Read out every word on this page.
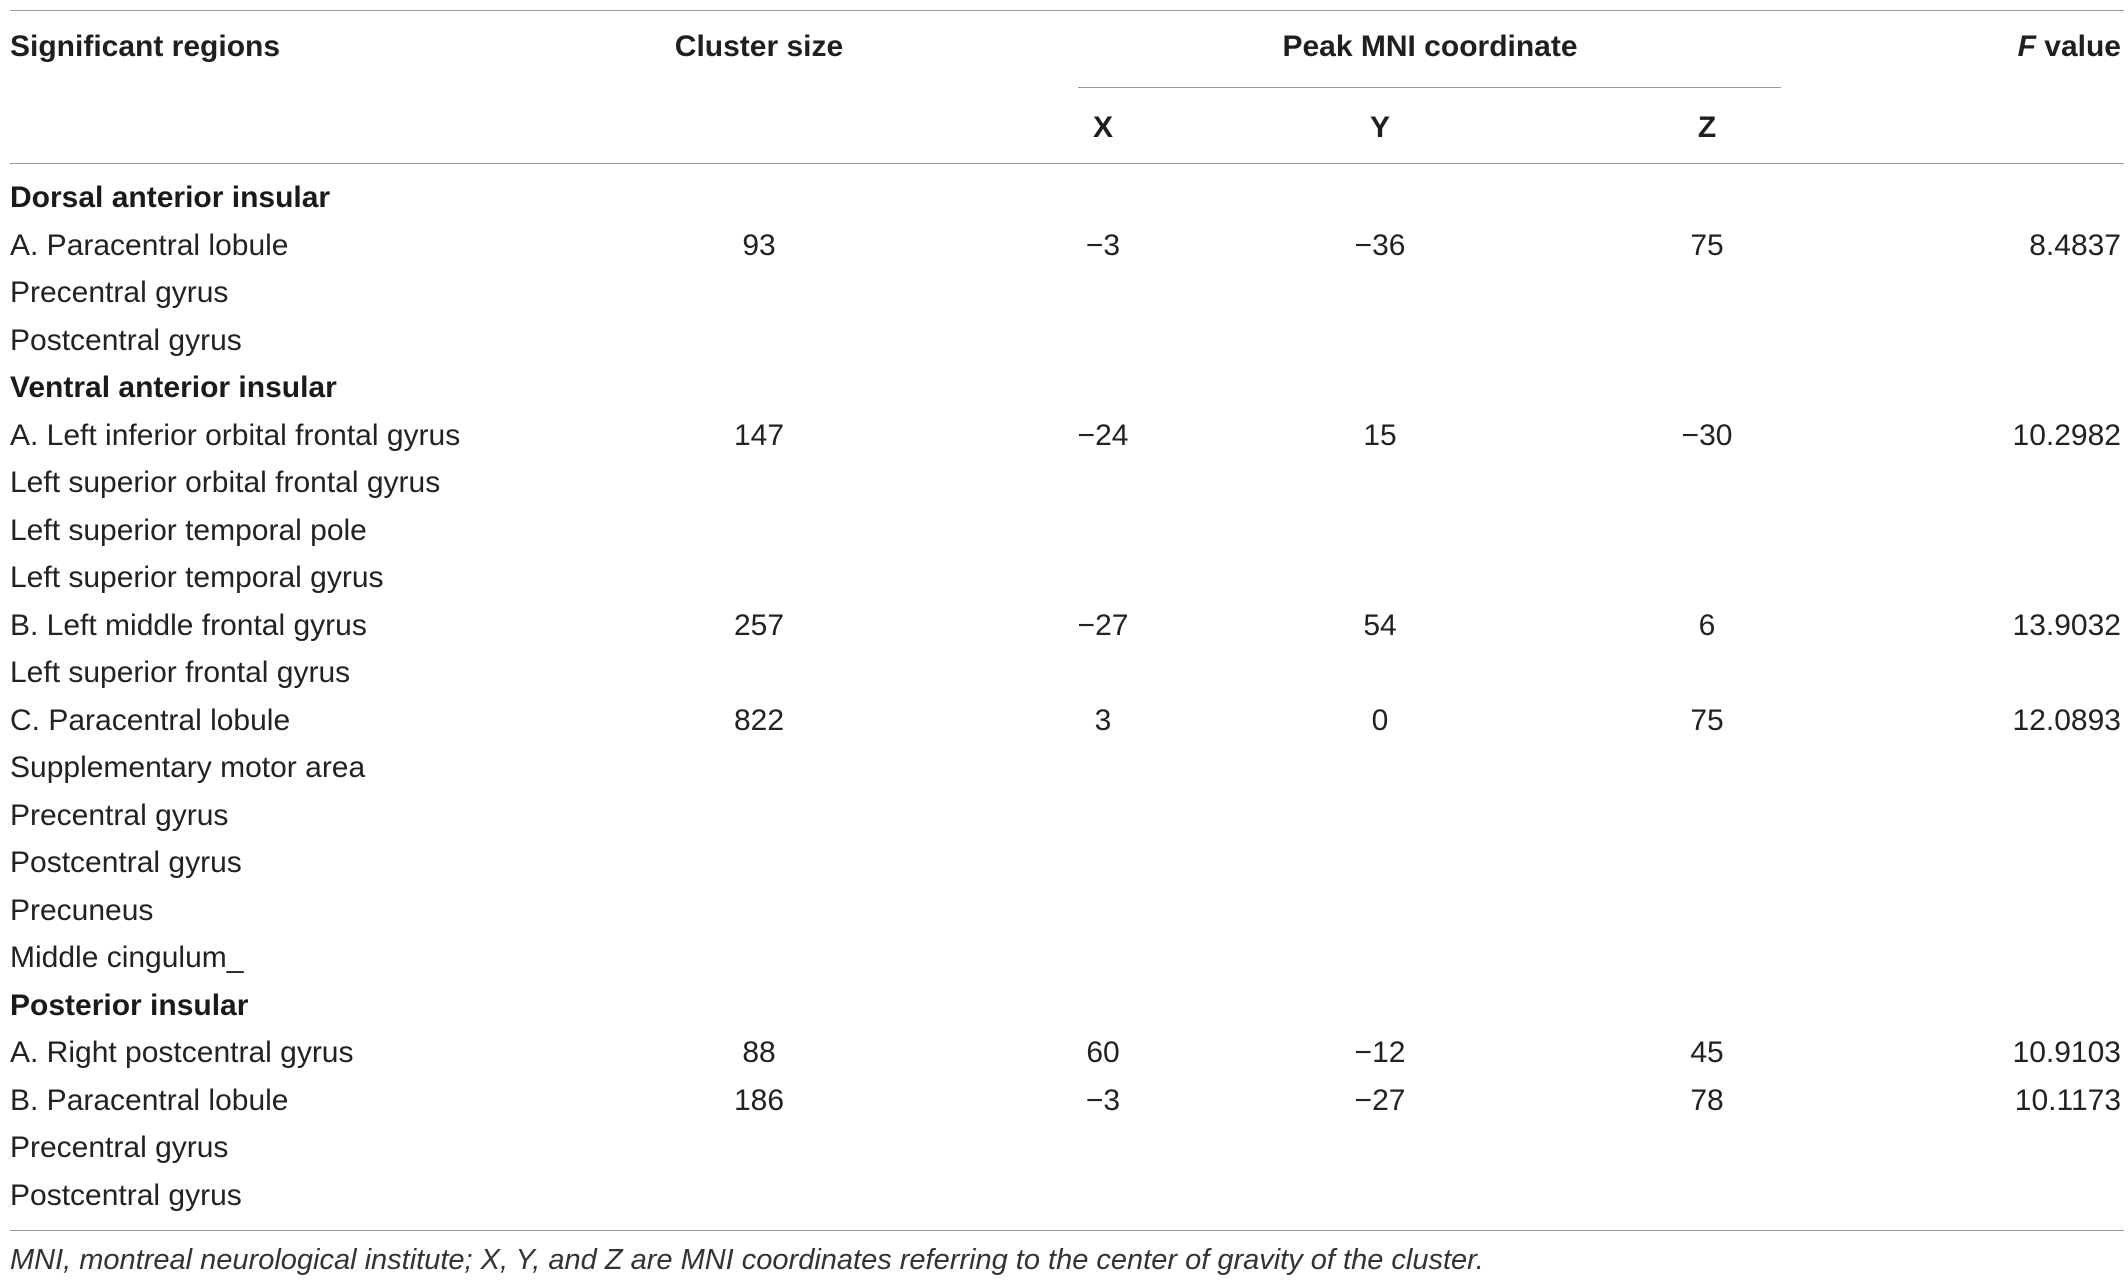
Significant regions	Cluster size	Peak MNI coordinate	F value
X	Y	Z
Dorsal anterior insular
A. Paracentral lobule	93	−3	−36	75	8.4837
Precentral gyrus
Postcentral gyrus
Ventral anterior insular
A. Left inferior orbital frontal gyrus	147	−24	15	−30	10.2982
Left superior orbital frontal gyrus
Left superior temporal pole
Left superior temporal gyrus
B. Left middle frontal gyrus	257	−27	54	6	13.9032
Left superior frontal gyrus
C. Paracentral lobule	822	3	0	75	12.0893
Supplementary motor area
Precentral gyrus
Postcentral gyrus
Precuneus
Middle cingulum_
Posterior insular
A. Right postcentral gyrus	88	60	−12	45	10.9103
B. Paracentral lobule	186	−3	−27	78	10.1173
Precentral gyrus
Postcentral gyrus
MNI, montreal neurological institute; X, Y, and Z are MNI coordinates referring to the center of gravity of the cluster.
